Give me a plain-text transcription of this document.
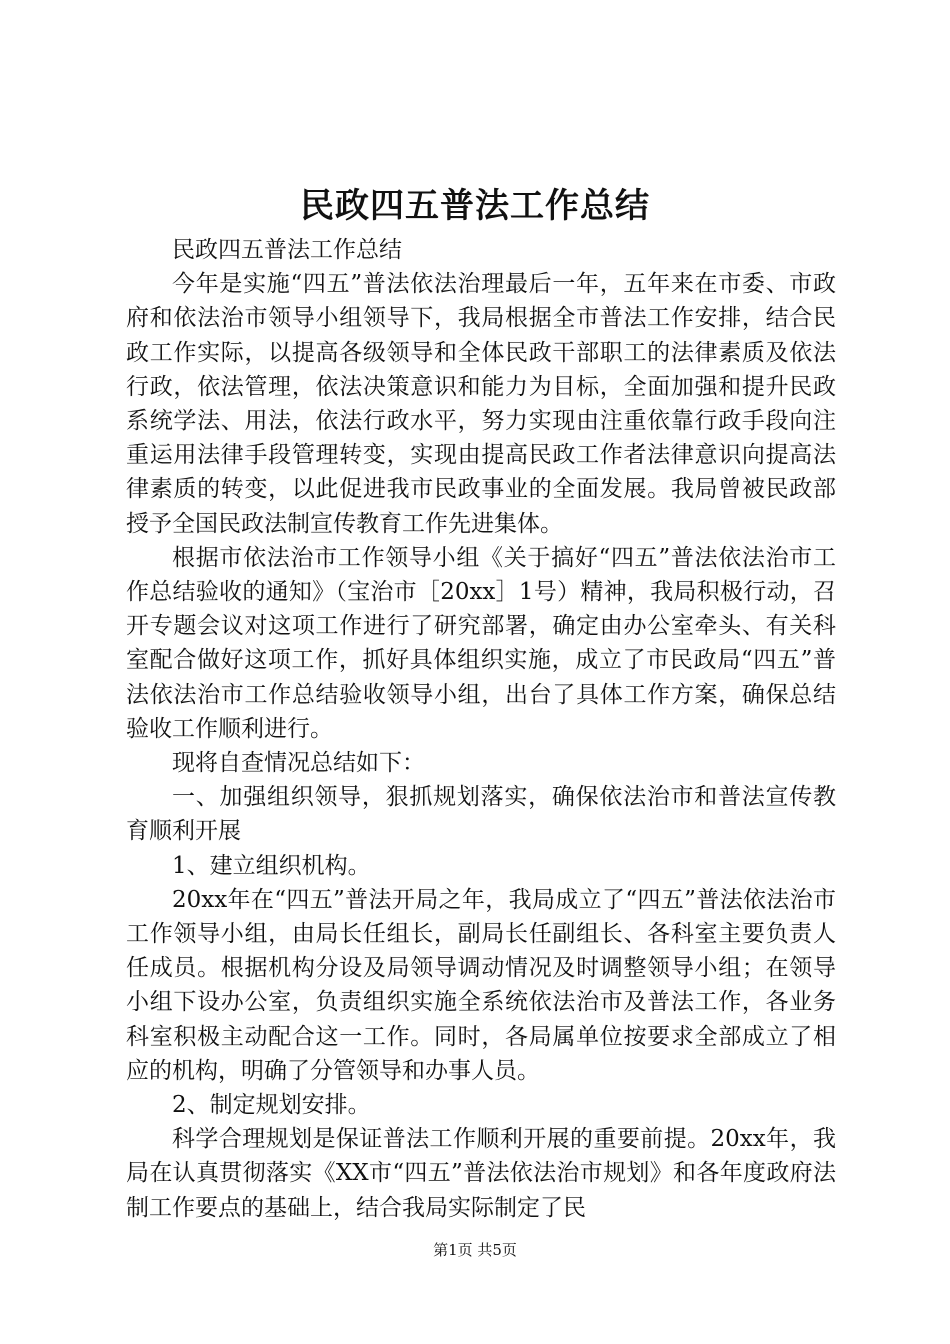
民政四五普法工作总结

民政四五普法工作总结

今年是实施“四五”普法依法治理最后一年，五年来在市委、市政府和依法治市领导小组领导下，我局根据全市普法工作安排，结合民政工作实际，以提高各级领导和全体民政干部职工的法律素质及依法行政，依法管理，依法决策意识和能力为目标，全面加强和提升民政系统学法、用法，依法行政水平，努力实现由注重依靠行政手段向注重运用法律手段管理转变，实现由提高民政工作者法律意识向提高法律素质的转变，以此促进我市民政事业的全面发展。我局曾被民政部授予全国民政法制宣传教育工作先进集体。

根据市依法治市工作领导小组《关于搞好“四五”普法依法治市工作总结验收的通知》（宝治市［20xx］1号）精神，我局积极行动，召开专题会议对这项工作进行了研究部署，确定由办公室牵头、有关科室配合做好这项工作，抓好具体组织实施，成立了市民政局“四五”普法依法治市工作总结验收领导小组，出台了具体工作方案，确保总结验收工作顺利进行。

现将自查情况总结如下：

一、加强组织领导，狠抓规划落实，确保依法治市和普法宣传教育顺利开展

1、建立组织机构。

20xx年在“四五”普法开局之年，我局成立了“四五”普法依法治市工作领导小组，由局长任组长，副局长任副组长、各科室主要负责人任成员。根据机构分设及局领导调动情况及时调整领导小组；在领导小组下设办公室，负责组织实施全系统依法治市及普法工作，各业务科室积极主动配合这一工作。同时，各局属单位按要求全部成立了相应的机构，明确了分管领导和办事人员。

2、制定规划安排。

科学合理规划是保证普法工作顺利开展的重要前提。20xx年，我局在认真贯彻落实《XX市“四五”普法依法治市规划》和各年度政府法制工作要点的基础上，结合我局实际制定了民

第1页 共5页
